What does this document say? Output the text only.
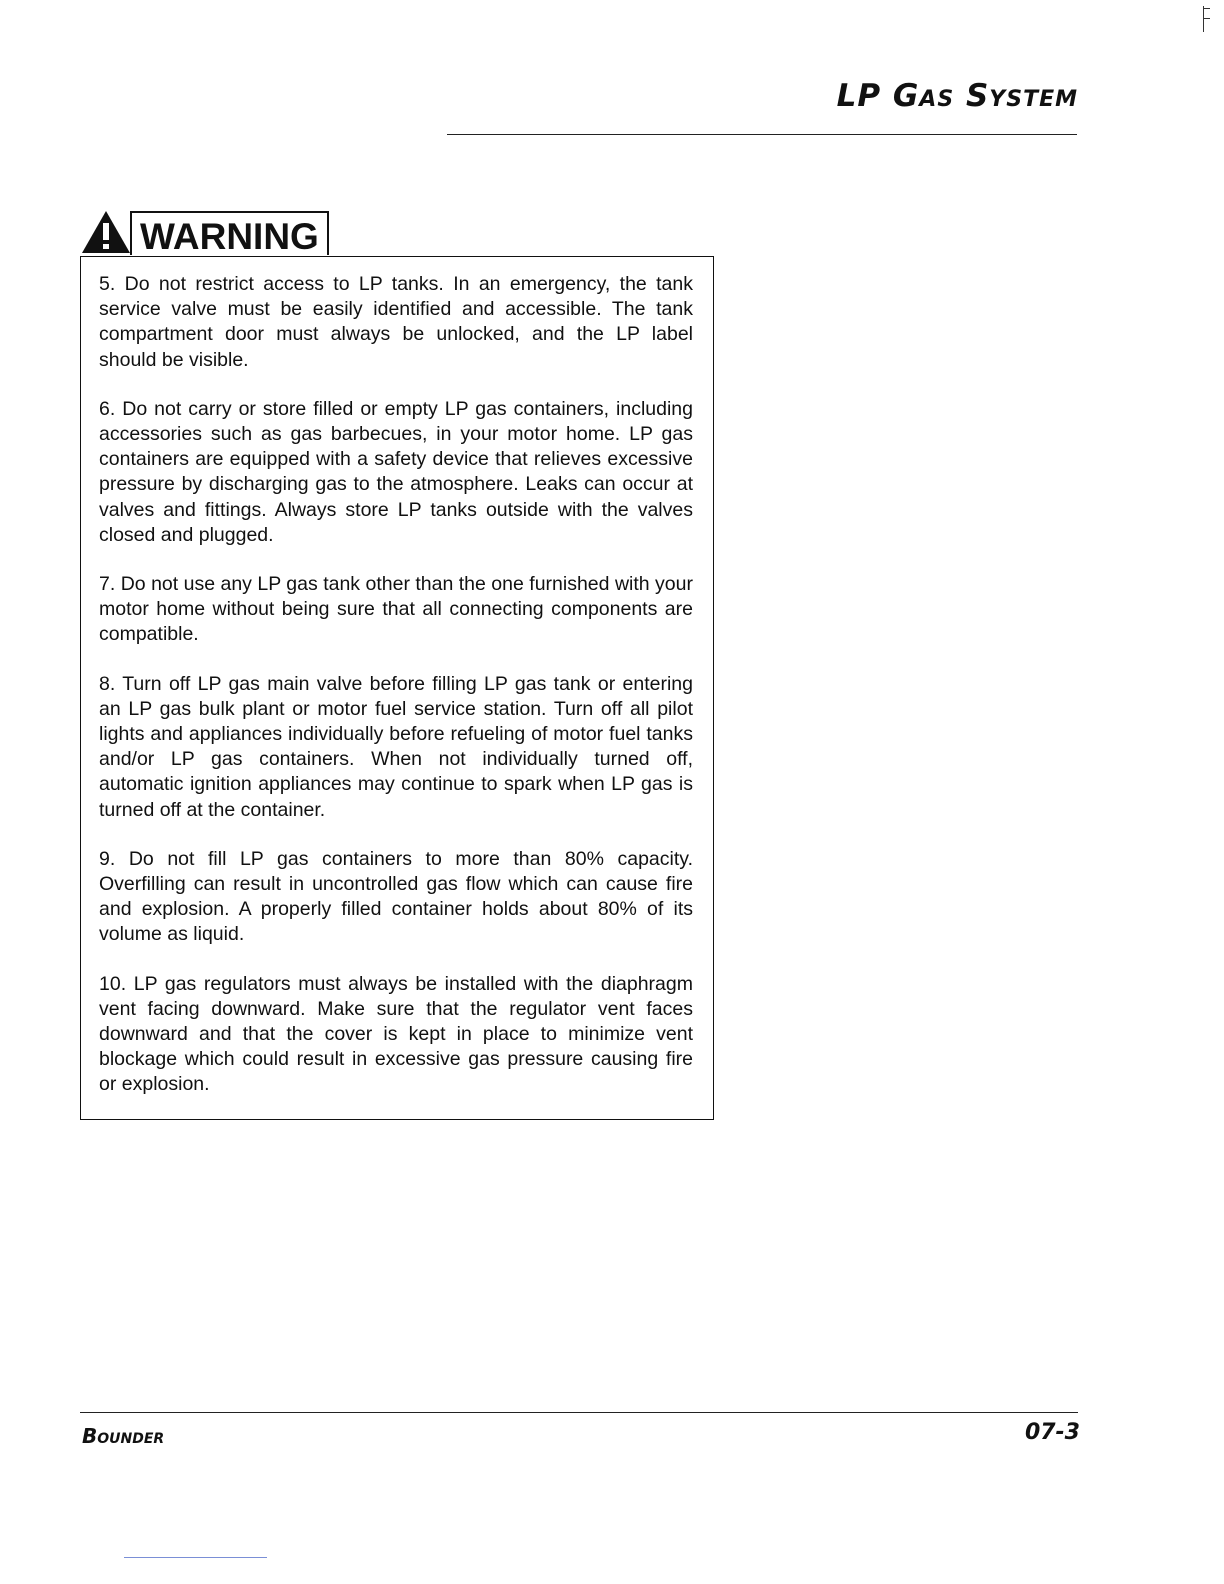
LP Gas System
WARNING

5. Do not restrict access to LP tanks. In an emergency, the tank service valve must be easily identified and accessible. The tank compartment door must always be unlocked, and the LP label should be visible.

6. Do not carry or store filled or empty LP gas containers, including accessories such as gas barbecues, in your motor home. LP gas containers are equipped with a safety device that relieves excessive pressure by discharging gas to the atmosphere. Leaks can occur at valves and fittings. Always store LP tanks outside with the valves closed and plugged.

7. Do not use any LP gas tank other than the one furnished with your motor home without being sure that all connecting components are compatible.

8. Turn off LP gas main valve before filling LP gas tank or entering an LP gas bulk plant or motor fuel service station. Turn off all pilot lights and appliances individually before refueling of motor fuel tanks and/or LP gas containers. When not individually turned off, automatic ignition appliances may continue to spark when LP gas is turned off at the container.

9. Do not fill LP gas containers to more than 80% capacity. Overfilling can result in uncontrolled gas flow which can cause fire and explosion. A properly filled container holds about 80% of its volume as liquid.

10. LP gas regulators must always be installed with the diaphragm vent facing downward. Make sure that the regulator vent faces downward and that the cover is kept in place to minimize vent blockage which could result in excessive gas pressure causing fire or explosion.

Bounder	07-3
